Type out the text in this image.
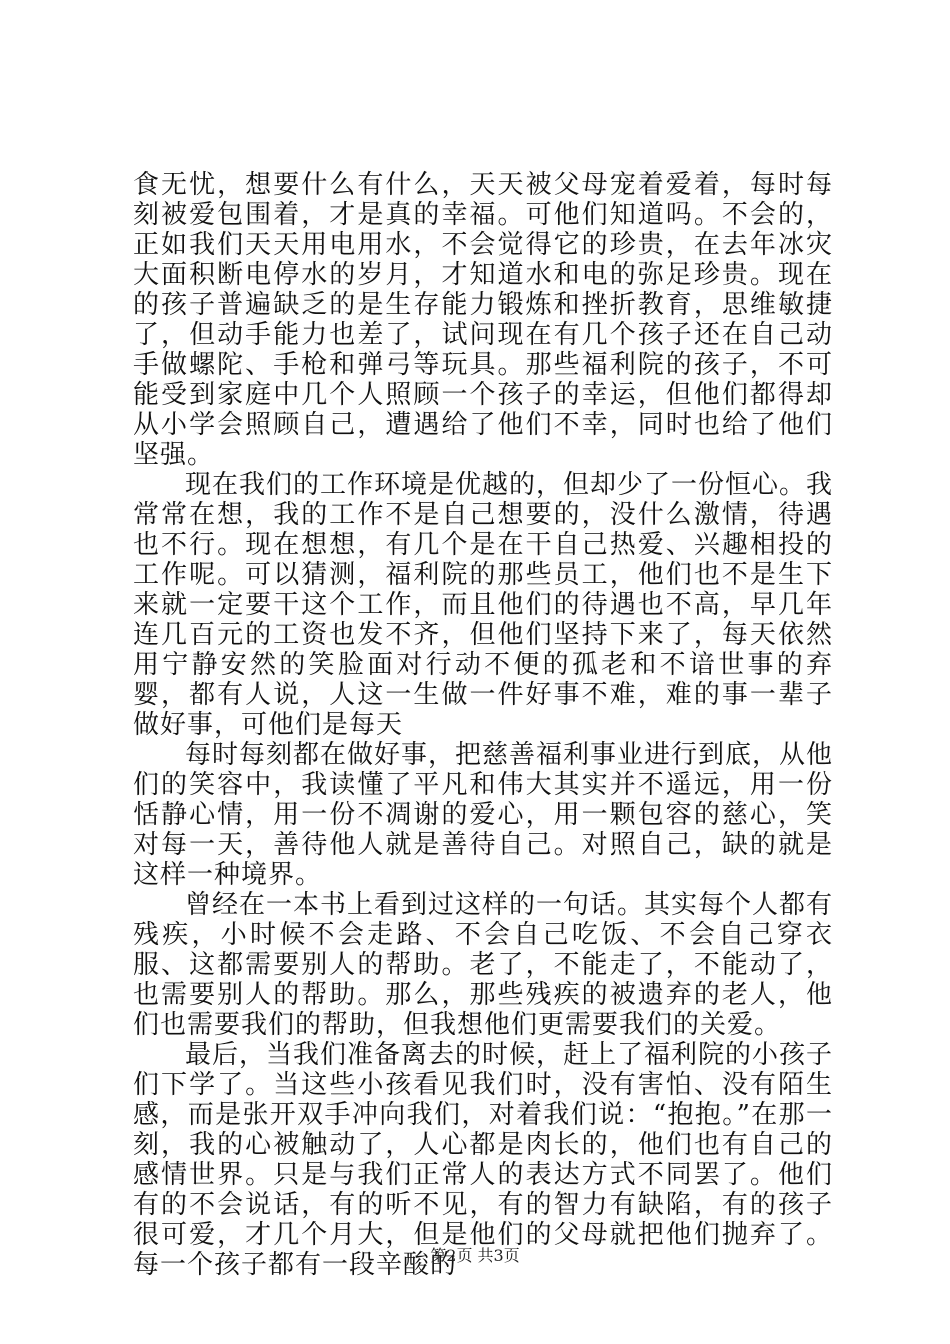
食无忧，想要什么有什么，天天被父母宠着爱着，每时每刻被爱包围着，才是真的幸福。可他们知道吗。不会的，正如我们天天用电用水，不会觉得它的珍贵，在去年冰灾大面积断电停水的岁月，才知道水和电的弥足珍贵。现在的孩子普遍缺乏的是生存能力锻炼和挫折教育，思维敏捷了，但动手能力也差了，试问现在有几个孩子还在自己动手做螺陀、手枪和弹弓等玩具。那些福利院的孩子，不可能受到家庭中几个人照顾一个孩子的幸运，但他们都得却从小学会照顾自己，遭遇给了他们不幸，同时也给了他们坚强。

现在我们的工作环境是优越的，但却少了一份恒心。我常常在想，我的工作不是自己想要的，没什么激情，待遇也不行。现在想想，有几个是在干自己热爱、兴趣相投的工作呢。可以猜测，福利院的那些员工，他们也不是生下来就一定要干这个工作，而且他们的待遇也不高，早几年连几百元的工资也发不齐，但他们坚持下来了，每天依然用宁静安然的笑脸面对行动不便的孤老和不谙世事的弃婴，都有人说，人这一生做一件好事不难，难的事一辈子做好事，可他们是每天

每时每刻都在做好事，把慈善福利事业进行到底，从他们的笑容中，我读懂了平凡和伟大其实并不遥远，用一份恬静心情，用一份不凋谢的爱心，用一颗包容的慈心，笑对每一天，善待他人就是善待自己。对照自己，缺的就是这样一种境界。

曾经在一本书上看到过这样的一句话。其实每个人都有残疾，小时候不会走路、不会自己吃饭、不会自己穿衣服、这都需要别人的帮助。老了，不能走了，不能动了，也需要别人的帮助。那么，那些残疾的被遗弃的老人，他们也需要我们的帮助，但我想他们更需要我们的关爱。

最后，当我们准备离去的时候，赶上了福利院的小孩子们下学了。当这些小孩看见我们时，没有害怕、没有陌生感，而是张开双手冲向我们，对着我们说：“抱抱。”在那一刻，我的心被触动了，人心都是肉长的，他们也有自己的感情世界。只是与我们正常人的表达方式不同罢了。他们有的不会说话，有的听不见，有的智力有缺陷，有的孩子很可爱，才几个月大，但是他们的父母就把他们抛弃了。每一个孩子都有一段辛酸的

第2页 共3页
